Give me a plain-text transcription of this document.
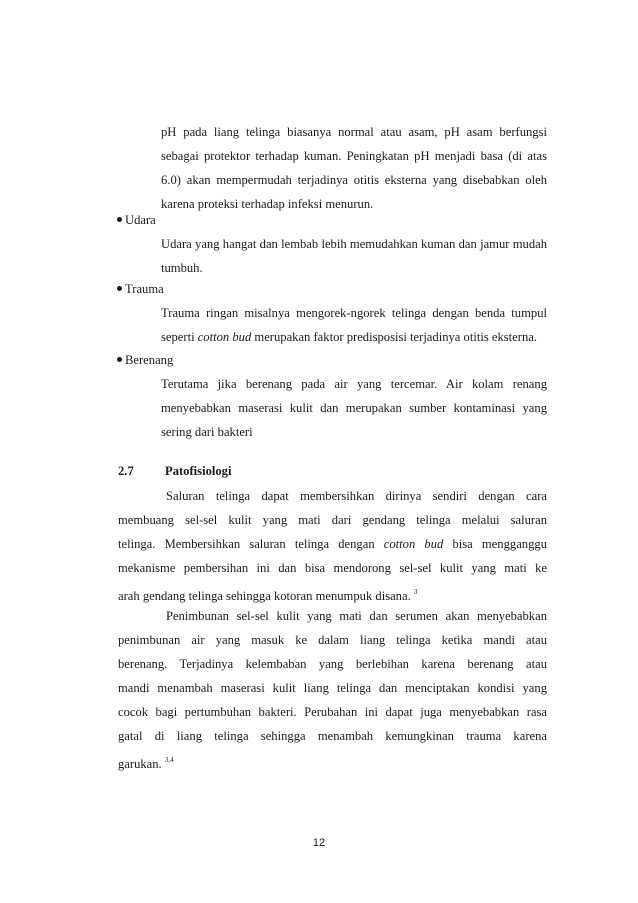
pH pada liang telinga biasanya normal atau asam, pH asam berfungsi
sebagai protektor terhadap kuman. Peningkatan pH menjadi basa (di atas
6.0) akan mempermudah terjadinya otitis eksterna yang disebabkan oleh
karena proteksi terhadap infeksi menurun.
Udara
Udara yang hangat dan lembab lebih memudahkan kuman dan jamur mudah
tumbuh.
Trauma
Trauma ringan misalnya mengorek-ngorek telinga dengan benda tumpul
seperti cotton bud merupakan faktor predisposisi terjadinya otitis eksterna.
Berenang
Terutama jika berenang pada air yang tercemar. Air kolam renang
menyebabkan maserasi kulit dan merupakan sumber kontaminasi yang
sering dari bakteri
2.7 Patofisiologi
Saluran telinga dapat membersihkan dirinya sendiri dengan cara
membuang sel-sel kulit yang mati dari gendang telinga melalui saluran
telinga. Membersihkan saluran telinga dengan cotton bud bisa mengganggu
mekanisme pembersihan ini dan bisa mendorong sel-sel kulit yang mati ke
arah gendang telinga sehingga kotoran menumpuk disana. $^3$
Penimbunan sel-sel kulit yang mati dan serumen akan menyebabkan
penimbunan air yang masuk ke dalam liang telinga ketika mandi atau
berenang. Terjadinya kelembaban yang berlebihan karena berenang atau
mandi menambah maserasi kulit liang telinga dan menciptakan kondisi yang
cocok bagi pertumbuhan bakteri. Perubahan ini dapat juga menyebabkan rasa
gatal di liang telinga sehingga menambah kemungkinan trauma karena
garukan. $^{3,4}$
12
